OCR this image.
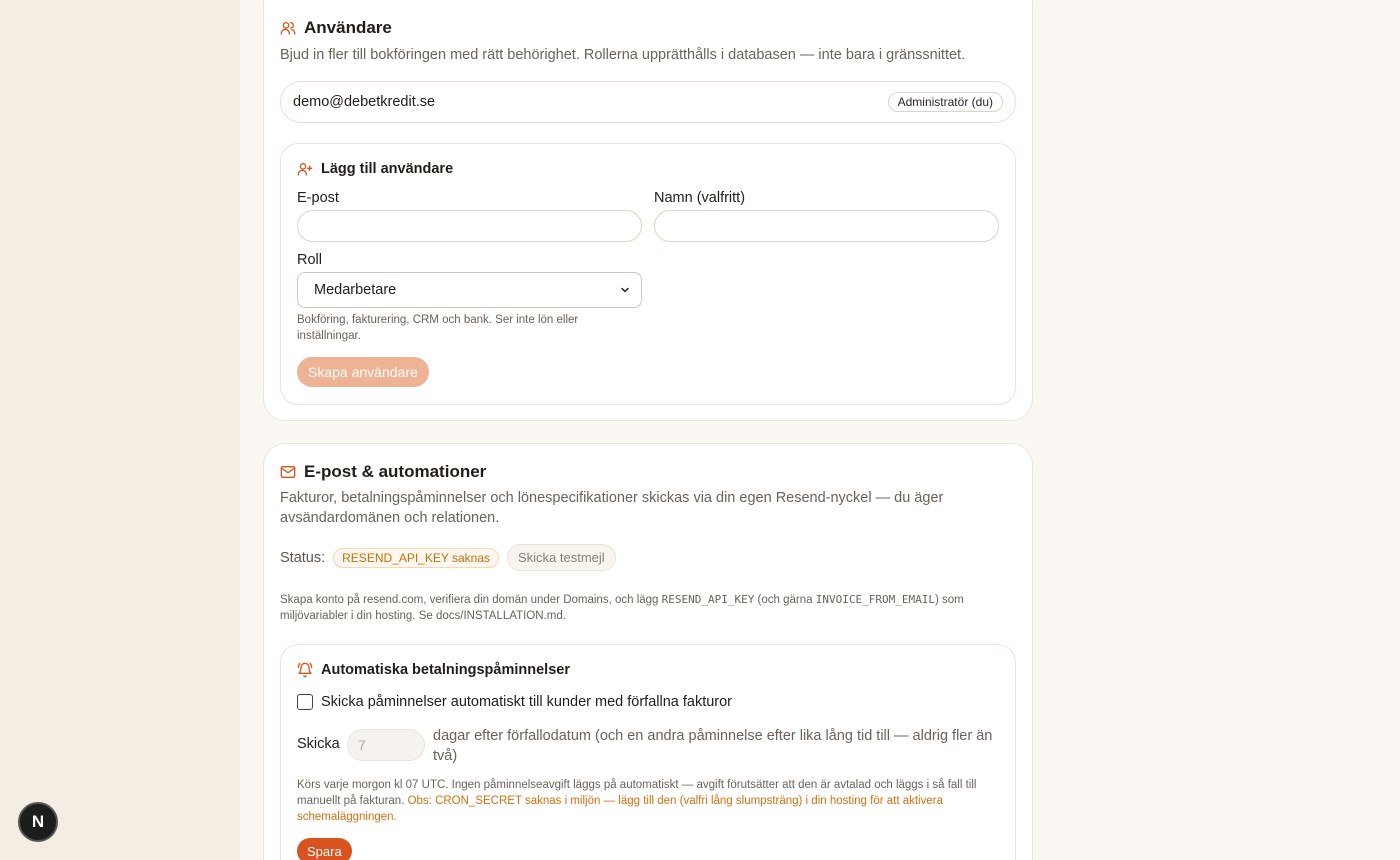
Användare

Bjud in fler till bokföringen med rätt behörighet. Rollerna upprätthålls i databasen — inte bara i gränssnittet.

demo@debetkredit.se	Administratör (du)
Lägg till användare
E-post	Namn (valfritt)
Roll
Medarbetare

Bokföring, fakturering, CRM och bank. Ser inte lön eller inställningar.

Skapa användare
E-post & automationer

Fakturor, betalningspåminnelser och lönespecifikationer skickas via din egen Resend-nyckel — du äger avsändardomänen och relationen.

Status:	RESEND_API_KEY saknas	Skicka testmejl

Skapa konto på resend.com, verifiera din domän under Domains, och lägg RESEND_API_KEY (och gärna INVOICE_FROM_EMAIL) som miljövariabler i din hosting. Se docs/INSTALLATION.md.

Automatiska betalningspåminnelser
Skicka påminnelser automatiskt till kunder med förfallna fakturor
Skicka 7

dagar efter förfallodatum (och en andra påminnelse efter lika lång tid till — aldrig fler än två)

Körs varje morgon kl 07 UTC. Ingen påminnelseavgift läggs på automatiskt — avgift förutsätter att den är avtalad och läggs i så fall till manuellt på fakturan. Obs: CRON_SECRET saknas i miljön — lägg till den (valfri lång slumpsträng) i din hosting för att aktivera schemaläggningen.

Spara
N
